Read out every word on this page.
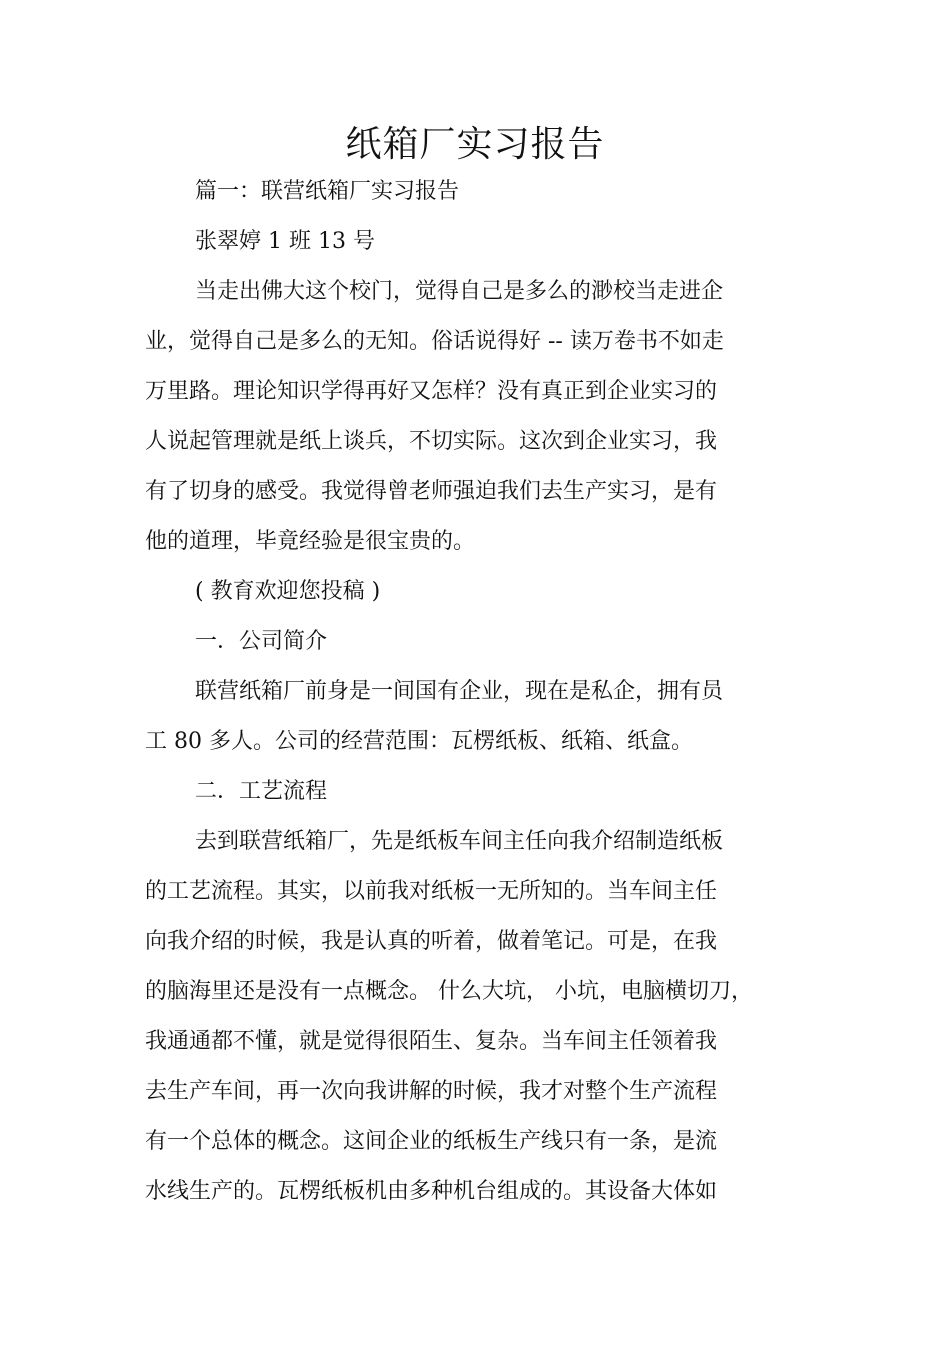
纸箱厂实习报告
篇一：联营纸箱厂实习报告
张翠婷 1 班 13 号
当走出佛大这个校门，觉得自己是多么的渺校当走进企
业，觉得自己是多么的无知。俗话说得好 -- 读万卷书不如走
万里路。理论知识学得再好又怎样？没有真正到企业实习的
人说起管理就是纸上谈兵，不切实际。这次到企业实习，我
有了切身的感受。我觉得曾老师强迫我们去生产实习，是有
他的道理，毕竟经验是很宝贵的。
( 教育欢迎您投稿 )
一．公司简介
联营纸箱厂前身是一间国有企业，现在是私企，拥有员
工 80 多人。公司的经营范围：瓦楞纸板、纸箱、纸盒。
二．工艺流程
去到联营纸箱厂，先是纸板车间主任向我介绍制造纸板
的工艺流程。其实，以前我对纸板一无所知的。当车间主任
向我介绍的时候，我是认真的听着，做着笔记。可是，在我
的脑海里还是没有一点概念。 什么大坑， 小坑，电脑横切刀，
我通通都不懂，就是觉得很陌生、复杂。当车间主任领着我
去生产车间，再一次向我讲解的时候，我才对整个生产流程
有一个总体的概念。这间企业的纸板生产线只有一条，是流
水线生产的。瓦楞纸板机由多种机台组成的。其设备大体如
